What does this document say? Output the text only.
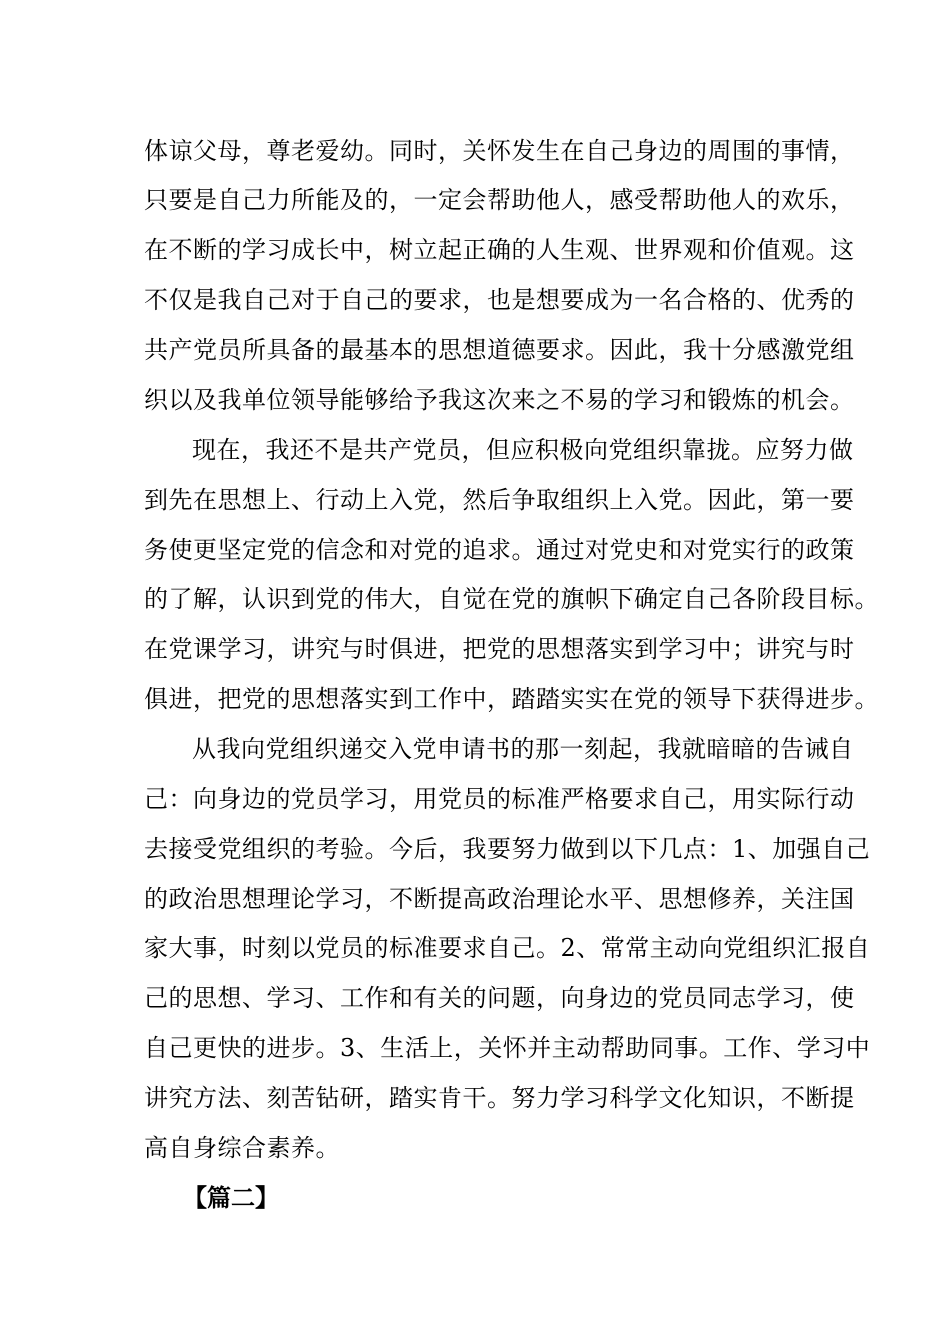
体谅父母，尊老爱幼。同时，关怀发生在自己身边的周围的事情，
只要是自己力所能及的，一定会帮助他人，感受帮助他人的欢乐，
在不断的学习成长中，树立起正确的人生观、世界观和价值观。这
不仅是我自己对于自己的要求，也是想要成为一名合格的、优秀的
共产党员所具备的最基本的思想道德要求。因此，我十分感激党组
织以及我单位领导能够给予我这次来之不易的学习和锻炼的机会。
现在，我还不是共产党员，但应积极向党组织靠拢。应努力做
到先在思想上、行动上入党，然后争取组织上入党。因此，第一要
务使更坚定党的信念和对党的追求。通过对党史和对党实行的政策
的了解，认识到党的伟大，自觉在党的旗帜下确定自己各阶段目标。
在党课学习，讲究与时俱进，把党的思想落实到学习中；讲究与时
俱进，把党的思想落实到工作中，踏踏实实在党的领导下获得进步。
从我向党组织递交入党申请书的那一刻起，我就暗暗的告诫自
己：向身边的党员学习，用党员的标准严格要求自己，用实际行动
去接受党组织的考验。今后，我要努力做到以下几点：1、加强自己
的政治思想理论学习，不断提高政治理论水平、思想修养，关注国
家大事，时刻以党员的标准要求自己。2、常常主动向党组织汇报自
己的思想、学习、工作和有关的问题，向身边的党员同志学习，使
自己更快的进步。3、生活上，关怀并主动帮助同事。工作、学习中
讲究方法、刻苦钻研，踏实肯干。努力学习科学文化知识，不断提
高自身综合素养。
【篇二】
